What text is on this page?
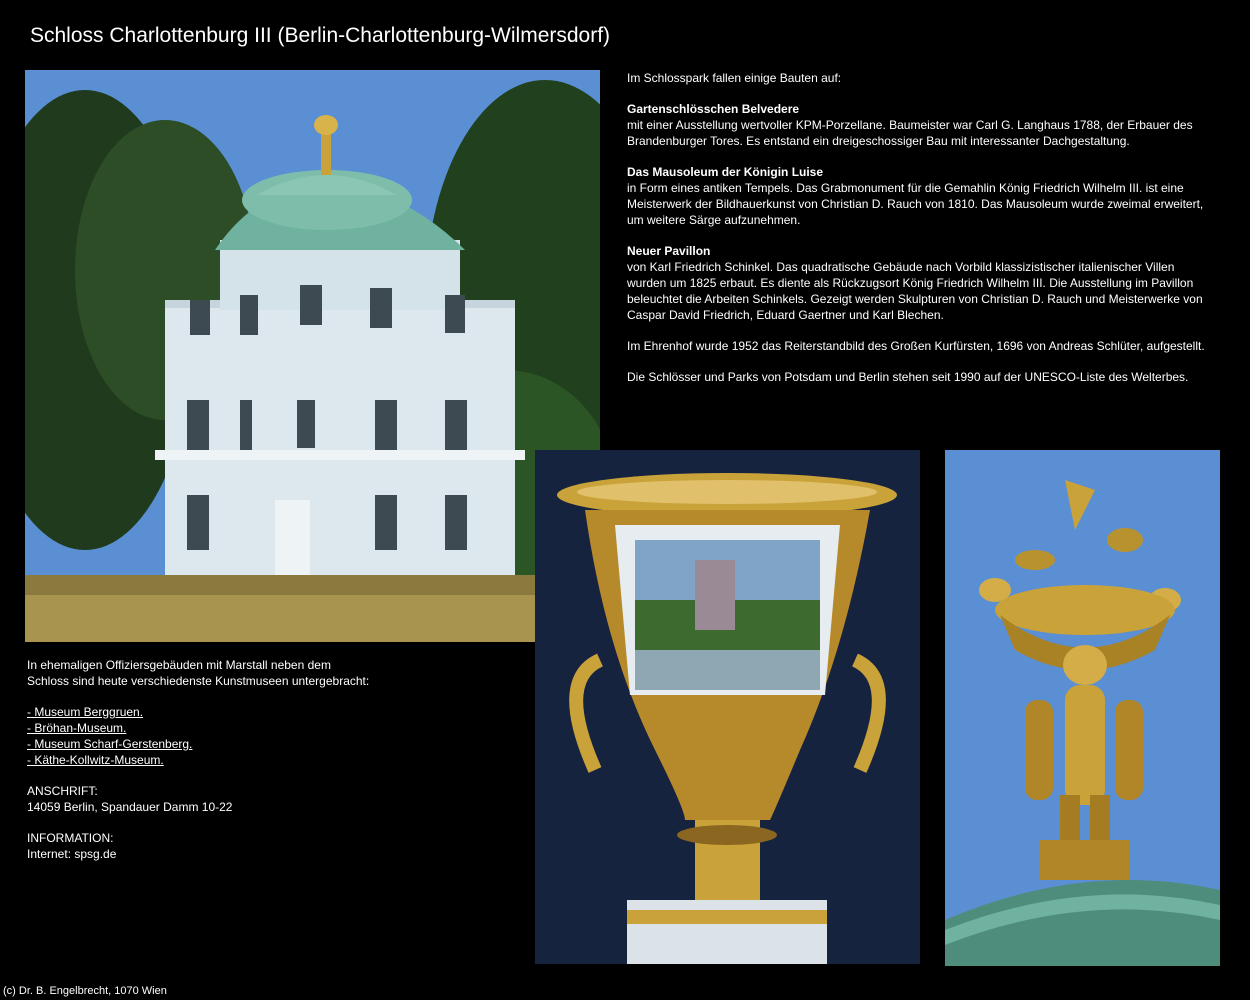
Schloss Charlottenburg III (Berlin-Charlottenburg-Wilmersdorf)

Im Schlosspark fallen einige Bauten auf:

Gartenschlösschen Belvedere
mit einer Ausstellung wertvoller KPM-Porzellane. Baumeister war Carl G. Langhaus 1788, der Erbauer des
Brandenburger Tores. Es entstand ein dreigeschossiger Bau mit interessanter Dachgestaltung.

Das Mausoleum der Königin Luise
in Form eines antiken Tempels. Das Grabmonument für die Gemahlin König Friedrich Wilhelm III. ist eine
Meisterwerk der Bildhauerkunst von Christian D. Rauch von 1810. Das Mausoleum wurde zweimal erweitert,
um weitere Särge aufzunehmen.

Neuer Pavillon
von Karl Friedrich Schinkel. Das quadratische Gebäude nach Vorbild klassizistischer italienischer Villen
wurden um 1825 erbaut. Es diente als Rückzugsort König Friedrich Wilhelm III. Die Ausstellung im Pavillon
beleuchtet die Arbeiten Schinkels. Gezeigt werden Skulpturen von Christian D. Rauch und Meisterwerke von
Caspar David Friedrich, Eduard Gaertner und Karl Blechen.

Im Ehrenhof wurde 1952 das Reiterstandbild des Großen Kurfürsten, 1696 von Andreas Schlüter, aufgestellt.

Die Schlösser und Parks von Potsdam und Berlin stehen seit 1990 auf der UNESCO-Liste des Welterbes.

In ehemaligen Offiziersgebäuden mit Marstall neben dem
Schloss sind heute verschiedenste Kunstmuseen untergebracht:
- Museum Berggruen.
- Bröhan-Museum.
- Museum Scharf-Gerstenberg.
- Käthe-Kollwitz-Museum.
ANSCHRIFT:
14059 Berlin, Spandauer Damm 10-22
INFORMATION:
Internet: spsg.de
(c) Dr. B. Engelbrecht, 1070 Wien
